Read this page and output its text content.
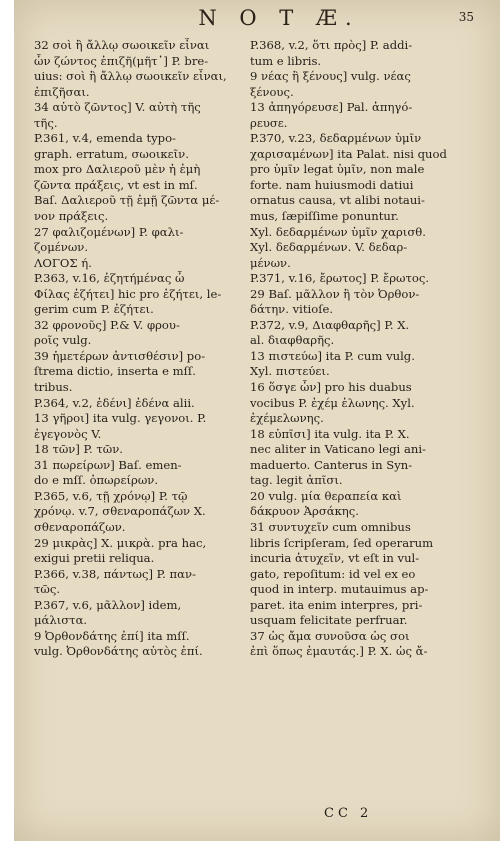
N O T Æ.	35
32 σοὶ ἢ ἄλλῳ σωοικεῖν εἶναι
ὧν ζώντος ἐπιζῆ(μῆτ᾽] P. bre-
uius: σοὶ ἢ ἄλλῳ σωοικεῖν εἶναι,
ἐπιζῆσαι.
34 αὐτὸ ζῶντος] V. αὐτὴ τῆς
τῆς.
P.361, v.4, emenda typo-
graph. erratum, σωοικεῖν.
mox pro Δαλιεροῦ μὲν ἡ ἐμὴ
ζῶντα πράξεις, vt est in mſ.
Baſ. Δαλιεροῦ τῇ ἐμῇ ζῶντα μέ-
νον πράξεις.
27 φαλιζομένων] P. φαλι-
ζομένων.
ΛΟΓΟΣ ή.
P.363, v.16, ἐζητήμένας ὦ
Φίλας ἐζήτει] hic pro ἐζήτει, le-
gerim cum P. ἐζήτει.
32 φρονοῦς] P.& V. φρου-
ροῖς vulg.
39 ἡμετέρων ἀντισθέσιν] po-
ſtrema dictio, inserta e mſſ.
tribus.
P.364, v.2, ἐδένι] ἐδένα alii.
13 γῆροι] ita vulg. γεγονοι. P.
ἐγεγονὸς V.
18 τῶν] P. τῶν.
31 πωρείρων] Baſ. emen-
do e mſſ. ὀπωρείρων.
P.365, v.6, τῇ χρόνῳ] P. τῷ
χρόνῳ. v.7, σθεναροπάζων X.
σθεναροπάζων.
29 μικρὰς] X. μικρὰ. pra hac,
exigui pretii reliqua.
P.366, v.38, πάντως] P. παν-
τῶς.
P.367, v.6, μᾶλλον] idem,
μάλιστα.
9 Ὀρθονδάτης ἐπί] ita mſſ.
vulg. Ὀρθονδάτης αὐτὸς ἐπί.
P.368, v.2, ὅτι πρὸς] P. addi-
tum e libris.
9 νέας ἢ ξένους] vulg. νέας
ξένους.
13 ἀπηγόρευσε] Pal. ἀπηγό-
ρευσε.
P.370, v.23, δεδαρμένων ὑμῖν
χαρισαμένων] ita Palat. nisi quod
pro ὑμῖν legat ὑμῖν, non male
forte. nam huiusmodi datiui
ornatus causa, vt alibi notaui-
mus, ſæpiſſime ponuntur.
Xyl. δεδαρμένων ὑμῖν χαρισθ.
Xyl. δεδαρμένων. V. δεδαρ-
μένων.
P.371, v.16, ἔρωτος] P. ἔρωτος.
29 Baſ. μᾶλλον ἢ τὸν Ὀρθον-
δάτην. vitioſe.
P.372, v.9, Διαφθαρῆς] P. X.
al. διαφθαρῆς.
13 πιστεύω] ita P. cum vulg.
Xyl. πιστεύει.
16 ὅσγε ὧν] pro his duabus
vocibus P. ἐχέμ ἐλωνης. Xyl.
ἐχέμελωνης.
18 εὐπῖσι] ita vulg. ita P. X.
nec aliter in Vaticano legi ani-
maduerto. Canterus in Syn-
tag. legit ἀπῖσι.
20 vulg. μία θεραπεία καὶ
δάκρυον Ἀρσάκης.
31 συντυχεῖν cum omnibus
libris ſcripſeram, ſed operarum
incuria ἀτυχεῖν, vt eſt in vul-
gato, repoſitum: id vel ex eo
quod in interp. mutauimus ap-
paret. ita enim interpres, pri-
usquam felicitate perfruar.
37 ὡς ἄμα συνοῦσα ὡς σοι
ἐπὶ ὅπως ἐμαυτάς.] P. X. ὡς ἄ-
CC 2
